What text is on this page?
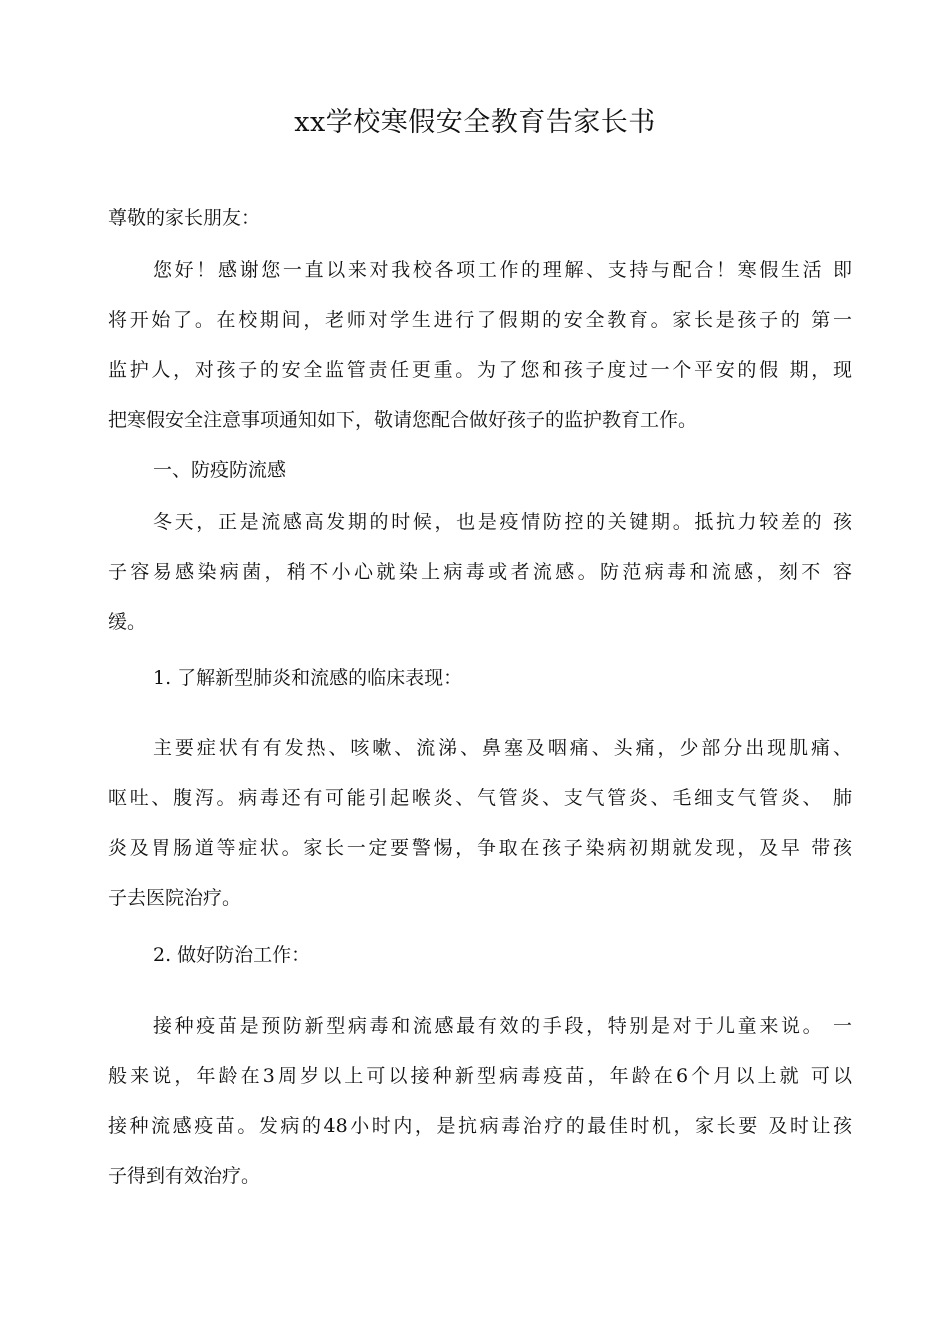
xx学校寒假安全教育告家长书
尊敬的家长朋友：
您好！感谢您一直以来对我校各项工作的理解、支持与配合！寒假生活 即
将开始了。在校期间，老师对学生进行了假期的安全教育。家长是孩子的 第一
监护人，对孩子的安全监管责任更重。为了您和孩子度过一个平安的假 期，现
把寒假安全注意事项通知如下，敬请您配合做好孩子的监护教育工作。
一、防疫防流感
冬天，正是流感高发期的时候，也是疫情防控的关键期。抵抗力较差的 孩
子容易感染病菌，稍不小心就染上病毒或者流感。防范病毒和流感，刻不 容
缓。
1. 了解新型肺炎和流感的临床表现：
主要症状有有发热、咳嗽、流涕、鼻塞及咽痛、头痛，少部分出现肌痛、
呕吐、腹泻。病毒还有可能引起喉炎、气管炎、支气管炎、毛细支气管炎、 肺
炎及胃肠道等症状。家长一定要警惕，争取在孩子染病初期就发现，及早 带孩
子去医院治疗。
2. 做好防治工作：
接种疫苗是预防新型病毒和流感最有效的手段，特别是对于儿童来说。 一
般来说，年龄在3周岁以上可以接种新型病毒疫苗，年龄在6个月以上就 可以
接种流感疫苗。发病的48小时内，是抗病毒治疗的最佳时机，家长要 及时让孩
子得到有效治疗。
